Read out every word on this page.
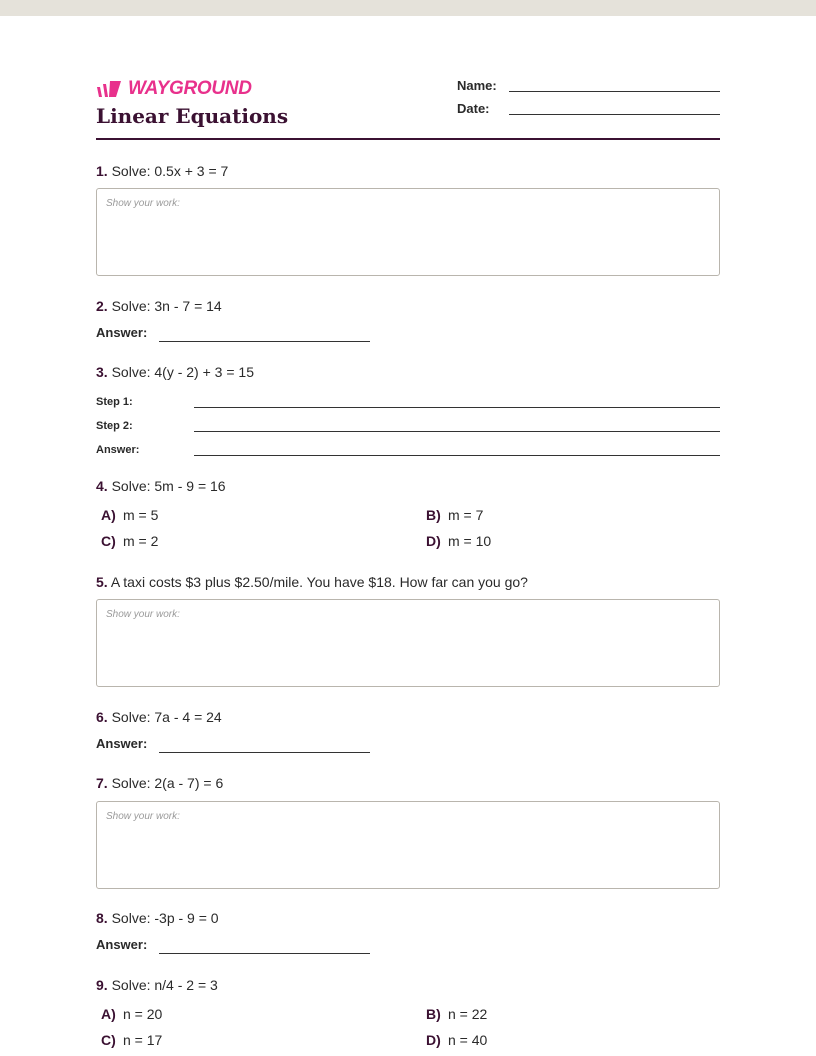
WAYGROUND
Linear Equations
Name:
Date:
1. Solve: 0.5x + 3 = 7
Show your work:
2. Solve: 3n - 7 = 14
Answer:
3. Solve: 4(y - 2) + 3 = 15
Step 1:
Step 2:
Answer:
4. Solve: 5m - 9 = 16
A) m = 5	B) m = 7
C) m = 2	D) m = 10
5. A taxi costs $3 plus $2.50/mile. You have $18. How far can you go?
Show your work:
6. Solve: 7a - 4 = 24
Answer:
7. Solve: 2(a - 7) = 6
Show your work:
8. Solve: -3p - 9 = 0
Answer:
9. Solve: n/4 - 2 = 3
A) n = 20	B) n = 22
C) n = 17	D) n = 40
